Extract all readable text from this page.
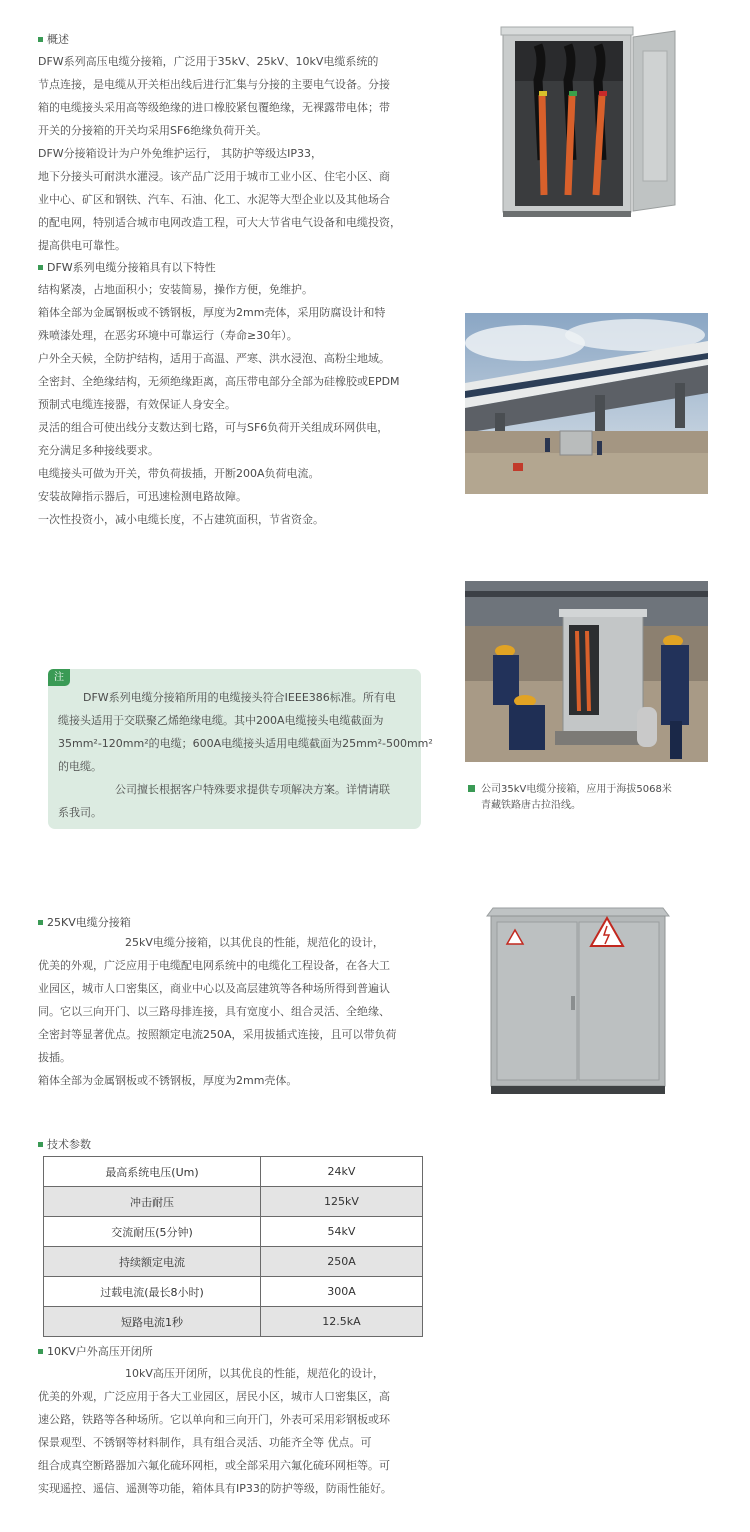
概述

DFW系列高压电缆分接箱，广泛用于35kV、25kV、10kV电缆系统的

节点连接，是电缆从开关柜出线后进行汇集与分接的主要电气设备。分接

箱的电缆接头采用高等级绝缘的进口橡胶紧包覆绝缘，无裸露带电体；带

开关的分接箱的开关均采用SF6绝缘负荷开关。

DFW分接箱设计为户外免维护运行， 其防护等级达IP33，

地下分接头可耐洪水灌浸。该产品广泛用于城市工业小区、住宅小区、商

业中心、矿区和钢铁、汽车、石油、化工、水泥等大型企业以及其他场合

的配电网，特别适合城市电网改造工程，可大大节省电气设备和电缆投资，

提高供电可靠性。

DFW系列电缆分接箱具有以下特性

结构紧凑，占地面积小；安装简易，操作方便，免维护。

箱体全部为金属钢板或不锈钢板，厚度为2mm壳体，采用防腐设计和特

殊喷漆处理，在恶劣环境中可靠运行（寿命≥30年）。

户外全天候，全防护结构，适用于高温、严寒、洪水浸泡、高粉尘地域。

全密封、全绝缘结构，无须绝缘距离，高压带电部分全部为硅橡胶或EPDM

预制式电缆连接器，有效保证人身安全。

灵活的组合可使出线分支数达到七路，可与SF6负荷开关组成环网供电，

充分满足多种接线要求。

电缆接头可做为开关，带负荷拔插，开断200A负荷电流。

安装故障指示器后，可迅速检测电路故障。

一次性投资小，减小电缆长度，不占建筑面积，节省资金。

注

DFW系列电缆分接箱所用的电缆接头符合IEEE386标准。所有电

缆接头适用于交联聚乙烯绝缘电缆。其中200A电缆接头电缆截面为

35mm²-120mm²的电缆；600A电缆接头适用电缆截面为25mm²-500mm²

的电缆。

公司擅长根据客户特殊要求提供专项解决方案。详情请联

系我司。

公司35kV电缆分接箱，应用于海拔5068米
青藏铁路唐古拉沿线。
25KV电缆分接箱

25kV电缆分接箱，以其优良的性能，规范化的设计，

优美的外观，广泛应用于电缆配电网系统中的电缆化工程设备，在各大工

业园区，城市人口密集区，商业中心以及高层建筑等各种场所得到普遍认

同。它以三向开门、以三路母排连接，具有宽度小、组合灵活、全绝缘、

全密封等显著优点。按照额定电流250A，采用拔插式连接，且可以带负荷

拔插。

箱体全部为金属钢板或不锈钢板，厚度为2mm壳体。

技术参数
最高系统电压(Um)	24kV
冲击耐压	125kV
交流耐压(5分钟)	54kV
持续额定电流	250A
过载电流(最长8小时)	300A
短路电流1秒	12.5kA
10KV户外高压开闭所

10kV高压开闭所，以其优良的性能，规范化的设计，

优美的外观，广泛应用于各大工业园区，居民小区，城市人口密集区，高

速公路，铁路等各种场所。它以单向和三向开门，外表可采用彩钢板或环

保景观型、不锈钢等材料制作，具有组合灵活、功能齐全等 优点。可

组合成真空断路器加六氟化硫环网柜，或全部采用六氟化硫环网柜等。可

实现遥控、遥信、遥测等功能，箱体具有IP33的防护等级，防雨性能好。
